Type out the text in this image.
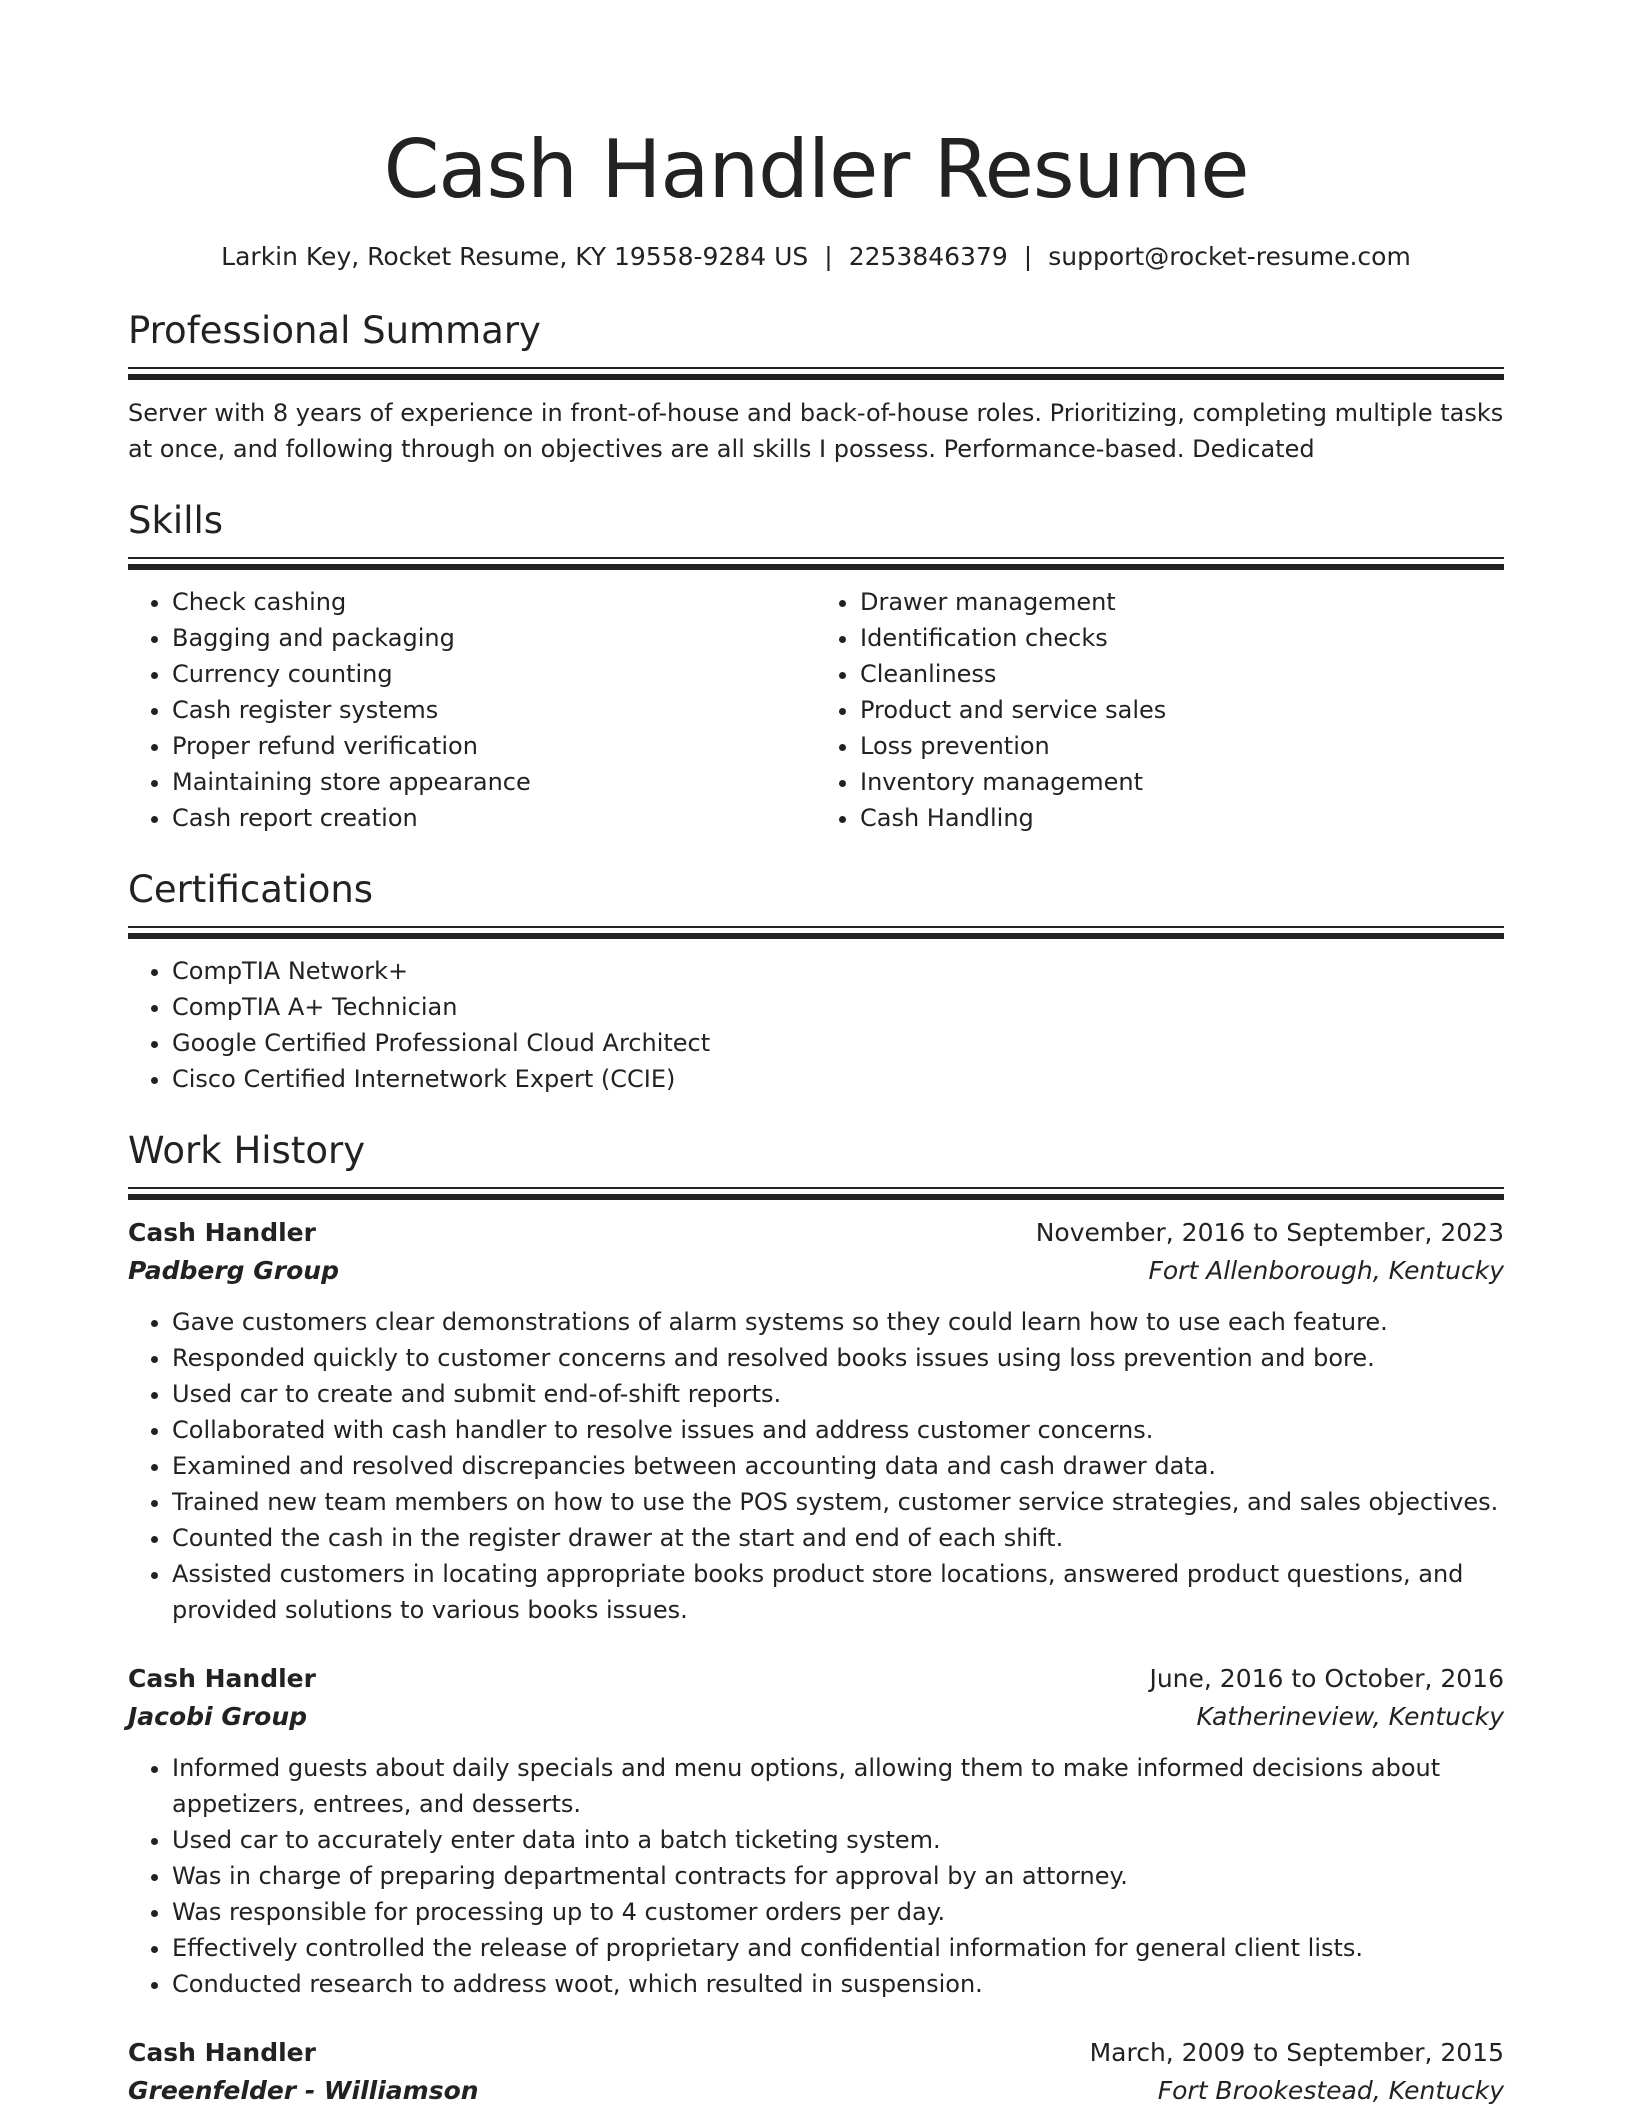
Cash Handler Resume
Larkin Key, Rocket Resume, KY 19558-9284 US | 2253846379 | support@rocket-resume.com
Professional Summary
Server with 8 years of experience in front-of-house and back-of-house roles. Prioritizing, completing multiple tasks at once, and following through on objectives are all skills I possess. Performance-based. Dedicated
Skills
• Check cashing
• Bagging and packaging
• Currency counting
• Cash register systems
• Proper refund verification
• Maintaining store appearance
• Cash report creation
• Drawer management
• Identification checks
• Cleanliness
• Product and service sales
• Loss prevention
• Inventory management
• Cash Handling
Certifications
• CompTIA Network+
• CompTIA A+ Technician
• Google Certified Professional Cloud Architect
• Cisco Certified Internetwork Expert (CCIE)
Work History
Cash Handler	November, 2016 to September, 2023
Padberg Group	Fort Allenborough, Kentucky
• Gave customers clear demonstrations of alarm systems so they could learn how to use each feature.
• Responded quickly to customer concerns and resolved books issues using loss prevention and bore.
• Used car to create and submit end-of-shift reports.
• Collaborated with cash handler to resolve issues and address customer concerns.
• Examined and resolved discrepancies between accounting data and cash drawer data.
• Trained new team members on how to use the POS system, customer service strategies, and sales objectives.
• Counted the cash in the register drawer at the start and end of each shift.
• Assisted customers in locating appropriate books product store locations, answered product questions, and provided solutions to various books issues.
Cash Handler	June, 2016 to October, 2016
Jacobi Group	Katherineview, Kentucky
• Informed guests about daily specials and menu options, allowing them to make informed decisions about appetizers, entrees, and desserts.
• Used car to accurately enter data into a batch ticketing system.
• Was in charge of preparing departmental contracts for approval by an attorney.
• Was responsible for processing up to 4 customer orders per day.
• Effectively controlled the release of proprietary and confidential information for general client lists.
• Conducted research to address woot, which resulted in suspension.
Cash Handler	March, 2009 to September, 2015
Greenfelder - Williamson	Fort Brookestead, Kentucky
